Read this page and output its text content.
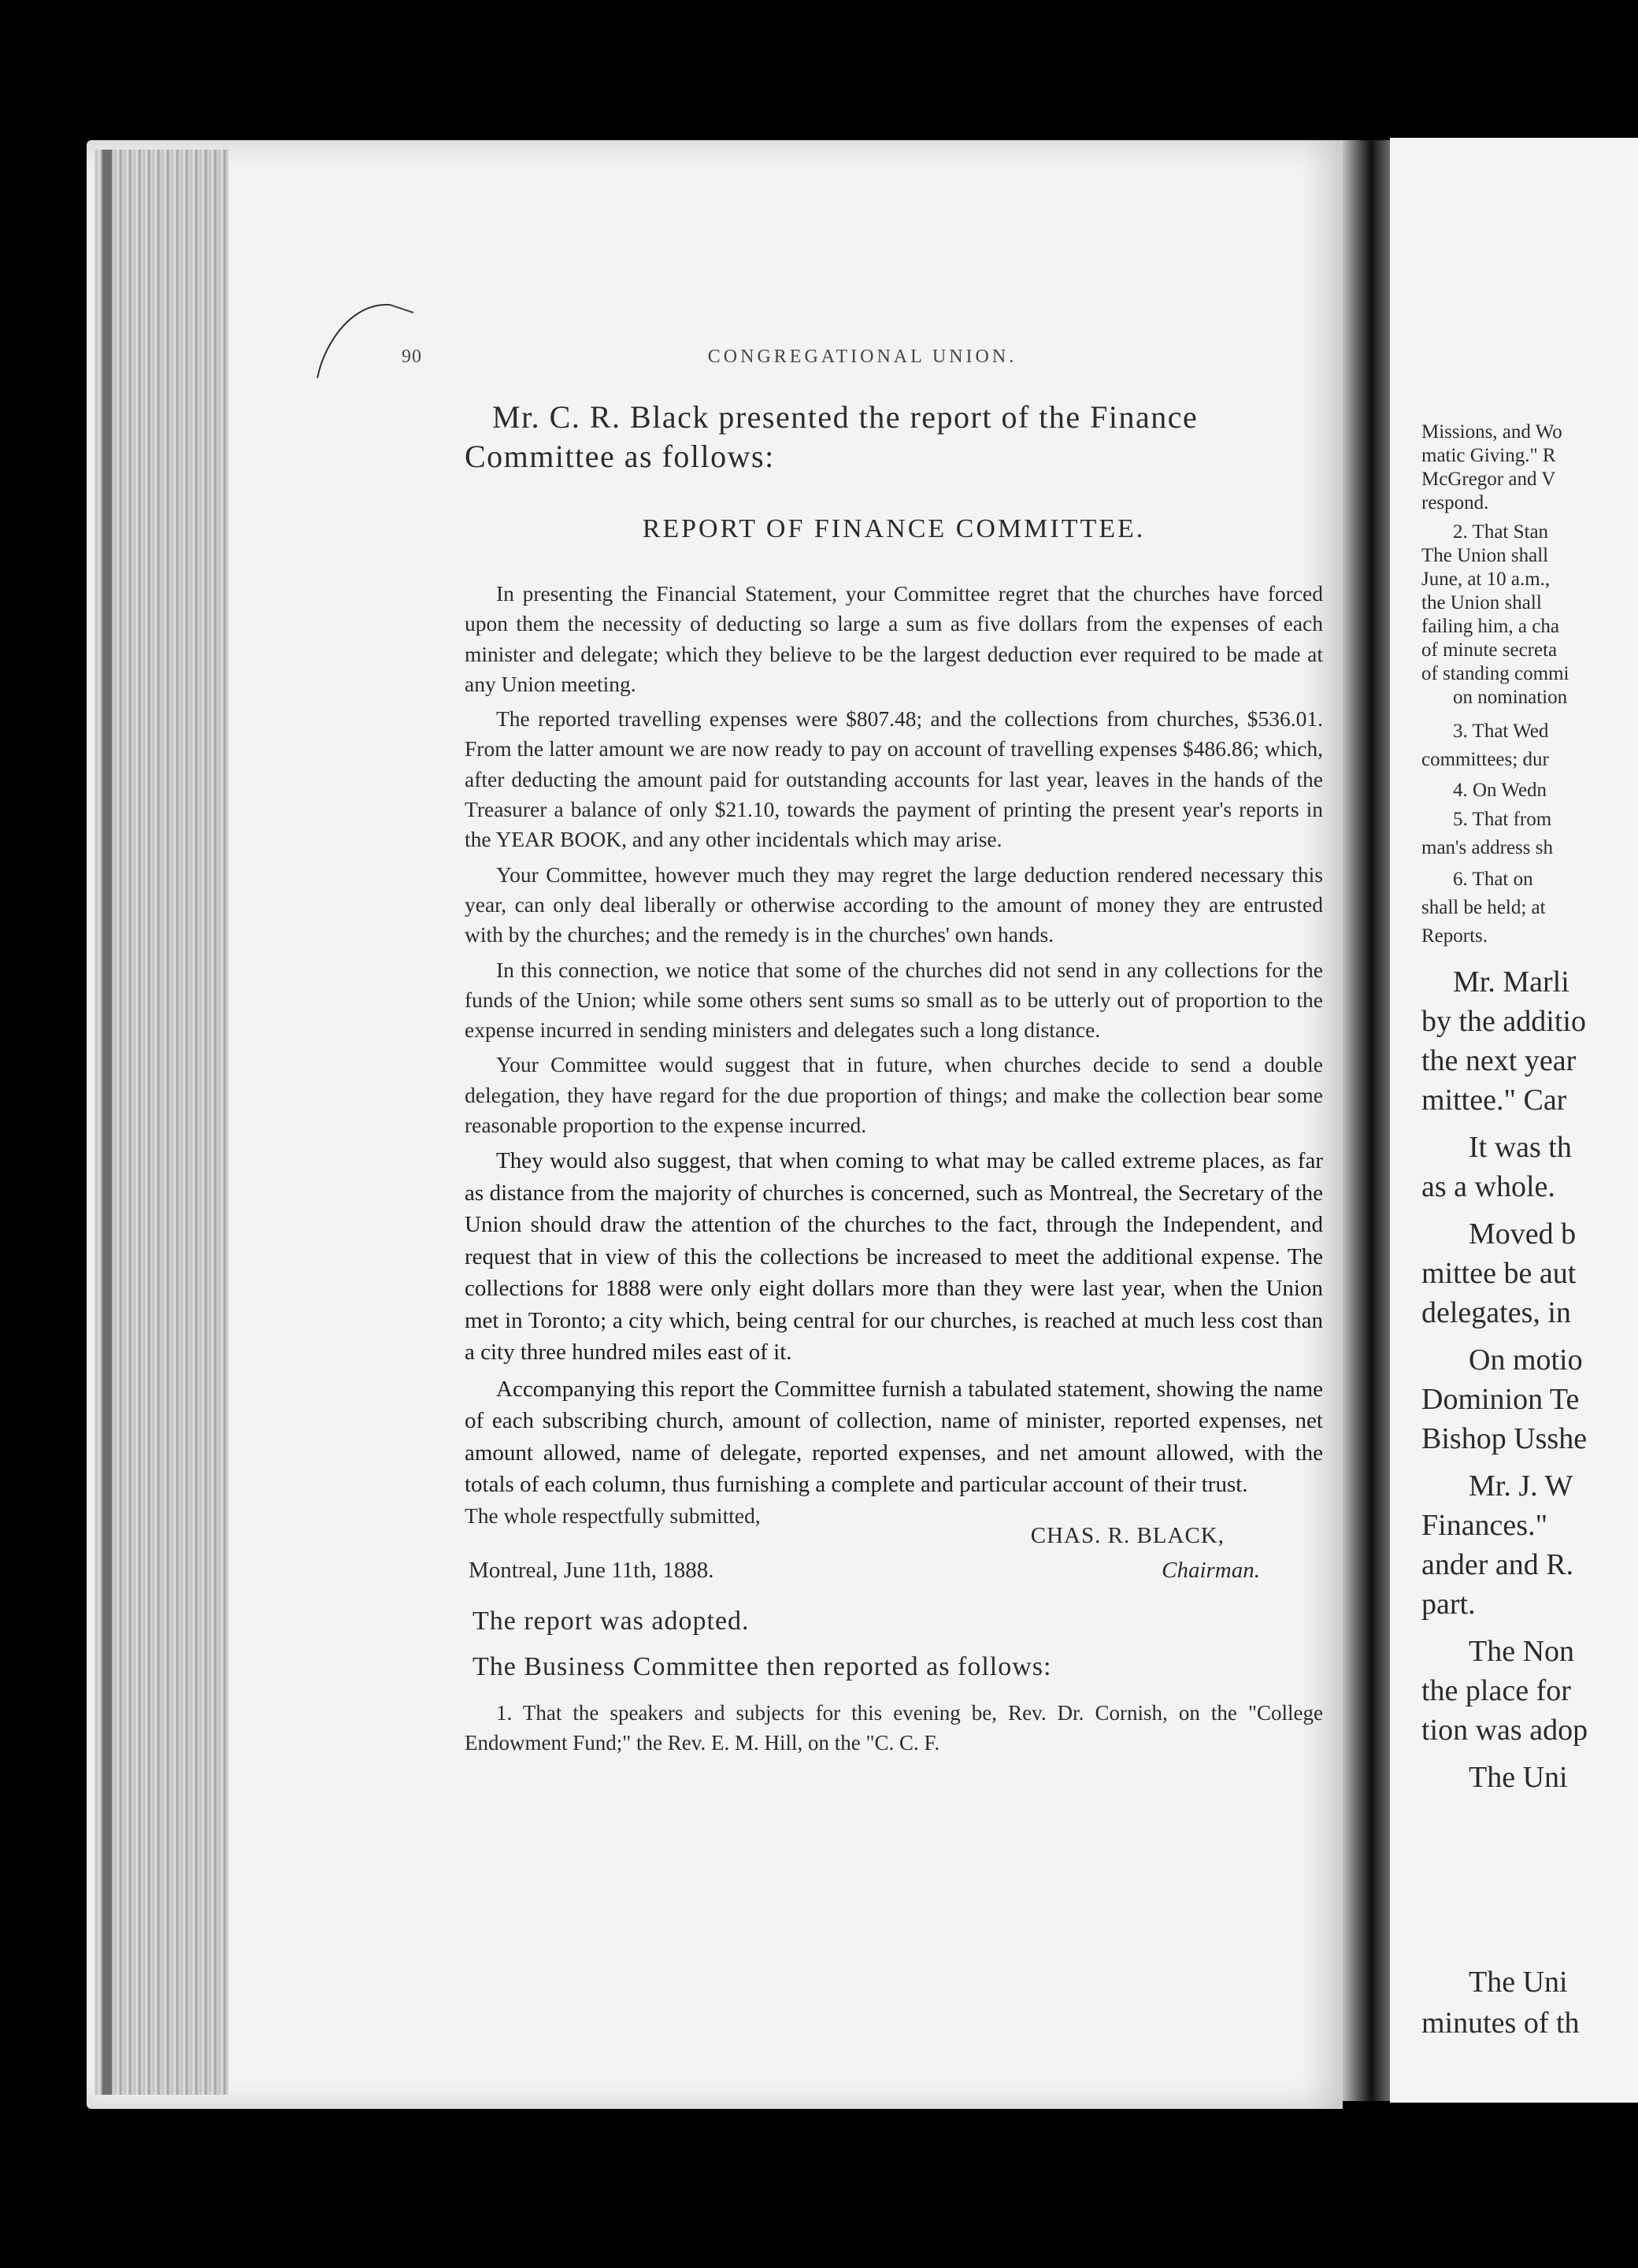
90	CONGREGATIONAL UNION.

Mr. C. R. Black presented the report of the Finance Committee as follows:

REPORT OF FINANCE COMMITTEE.

In presenting the Financial Statement, your Committee regret that the churches have forced upon them the necessity of deducting so large a sum as five dollars from the expenses of each minister and delegate; which they believe to be the largest deduction ever required to be made at any Union meeting.

The reported travelling expenses were $807.48; and the collections from churches, $536.01. From the latter amount we are now ready to pay on account of travelling expenses $486.86; which, after deducting the amount paid for outstanding accounts for last year, leaves in the hands of the Treasurer a balance of only $21.10, towards the payment of printing the present year's reports in the YEAR BOOK, and any other incidentals which may arise.

Your Committee, however much they may regret the large deduction rendered necessary this year, can only deal liberally or otherwise according to the amount of money they are entrusted with by the churches; and the remedy is in the churches' own hands.

In this connection, we notice that some of the churches did not send in any collections for the funds of the Union; while some others sent sums so small as to be utterly out of proportion to the expense incurred in sending ministers and delegates such a long distance.

Your Committee would suggest that in future, when churches decide to send a double delegation, they have regard for the due proportion of things; and make the collection bear some reasonable proportion to the expense incurred.

They would also suggest, that when coming to what may be called extreme places, as far as distance from the majority of churches is concerned, such as Montreal, the Secretary of the Union should draw the attention of the churches to the fact, through the Independent, and request that in view of this the collections be increased to meet the additional expense. The collections for 1888 were only eight dollars more than they were last year, when the Union met in Toronto; a city which, being central for our churches, is reached at much less cost than a city three hundred miles east of it.

Accompanying this report the Committee furnish a tabulated statement, showing the name of each subscribing church, amount of collection, name of minister, reported expenses, net amount allowed, name of delegate, reported expenses, and net amount allowed, with the totals of each column, thus furnishing a complete and particular account of their trust.

The whole respectfully submitted,

CHAS. R. BLACK,
Montreal, June 11th, 1888.	Chairman.

The report was adopted.

The Business Committee then reported as follows:

1. That the speakers and subjects for this evening be, Rev. Dr. Cornish, on the "College Endowment Fund;" the Rev. E. M. Hill, on the "C. C. F.

Missions, and Wo
matic Giving." R
McGregor and V
respond.
2. That Stan
The Union shall
June, at 10 a.m.,
the Union shall
failing him, a cha
of minute secreta
of standing commi
on nomination
3. That Wed
committees; dur
4. On Wedn
5. That from
man's address sh
6. That on
shall be held; at
Reports.
Mr. Marli
by the additio
the next year
mittee." Car
It was th
as a whole.
Moved b
mittee be aut
delegates, in
On motio
Dominion Te
Bishop Usshe
Mr. J. W
Finances."
ander and R.
part.
The Non
the place for
tion was adop
The Uni
The Uni
minutes of th
